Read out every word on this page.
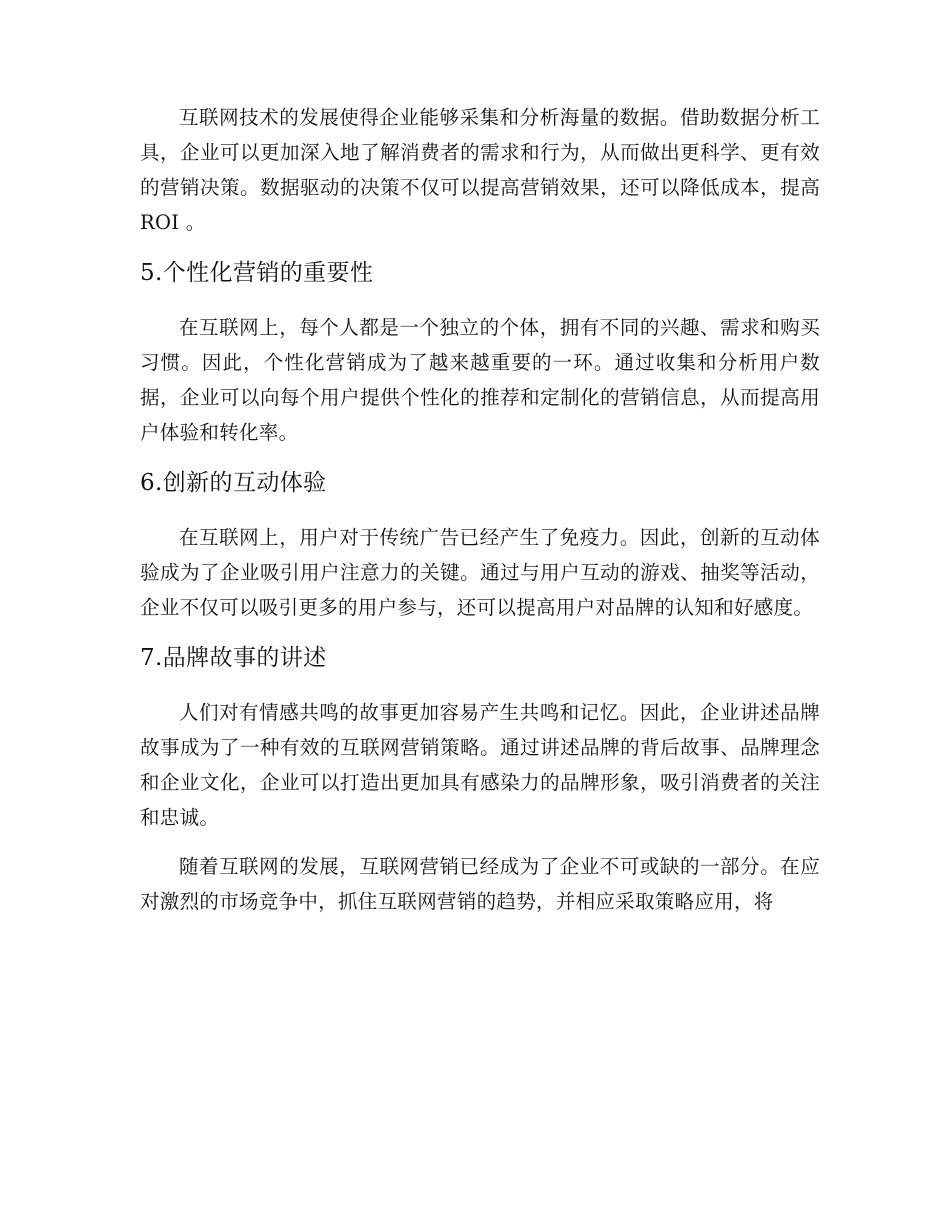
互联网技术的发展使得企业能够采集和分析海量的数据。借助数据分析工具，企业可以更加深入地了解消费者的需求和行为，从而做出更科学、更有效的营销决策。数据驱动的决策不仅可以提高营销效果，还可以降低成本，提高 ROI 。

5.个性化营销的重要性

在互联网上，每个人都是一个独立的个体，拥有不同的兴趣、需求和购买习惯。因此，个性化营销成为了越来越重要的一环。通过收集和分析用户数据，企业可以向每个用户提供个性化的推荐和定制化的营销信息，从而提高用户体验和转化率。

6.创新的互动体验

在互联网上，用户对于传统广告已经产生了免疫力。因此，创新的互动体验成为了企业吸引用户注意力的关键。通过与用户互动的游戏、抽奖等活动，企业不仅可以吸引更多的用户参与，还可以提高用户对品牌的认知和好感度。

7.品牌故事的讲述

人们对有情感共鸣的故事更加容易产生共鸣和记忆。因此，企业讲述品牌故事成为了一种有效的互联网营销策略。通过讲述品牌的背后故事、品牌理念和企业文化，企业可以打造出更加具有感染力的品牌形象，吸引消费者的关注和忠诚。

随着互联网的发展，互联网营销已经成为了企业不可或缺的一部分。在应对激烈的市场竞争中，抓住互联网营销的趋势，并相应采取策略应用，将
